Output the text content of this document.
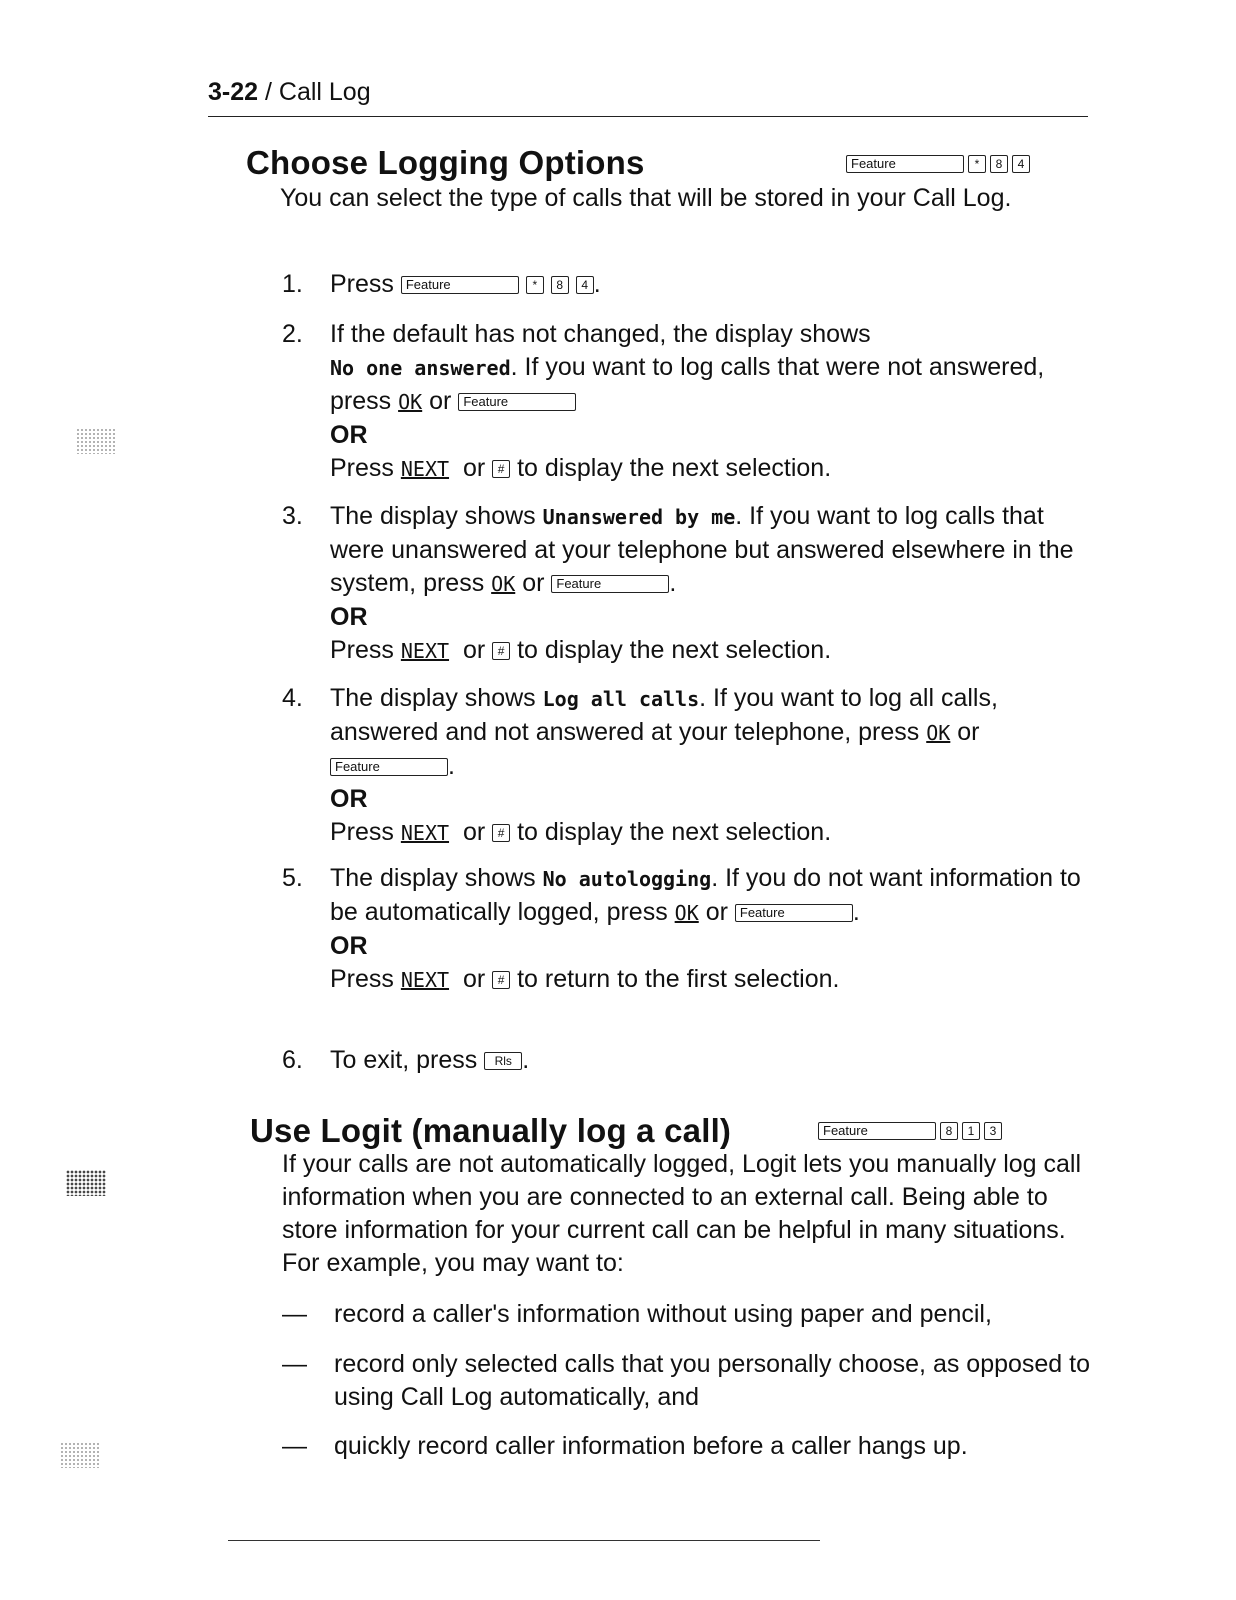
3-22 / Call Log
Choose Logging Options	Feature	*	8	4
You can select the type of calls that will be stored in your Call Log.
1. Press Feature	* 8 4 .
2. If the default has not changed, the display shows
No one answered. If you want to log calls that were not answered, press OK or Feature
OR
Press NEXT or # to display the next selection.
3. The display shows Unanswered by me. If you want to log calls that were unanswered at your telephone but answered elsewhere in the system, press OK or Feature	.
OR
Press NEXT or # to display the next selection.
4. The display shows Log all calls. If you want to log all calls, answered and not answered at your telephone, press OK or Feature	.
OR
Press NEXT or # to display the next selection.
5. The display shows No autologging. If you do not want information to be automatically logged, press OK or Feature	.
OR
Press NEXT or # to return to the first selection.
6. To exit, press Rls .
Use Logit (manually log a call)	Feature	8	1	3
If your calls are not automatically logged, Logit lets you manually log call information when you are connected to an external call. Being able to store information for your current call can be helpful in many situations. For example, you may want to:
— record a caller's information without using paper and pencil,
— record only selected calls that you personally choose, as opposed to using Call Log automatically, and
— quickly record caller information before a caller hangs up.
